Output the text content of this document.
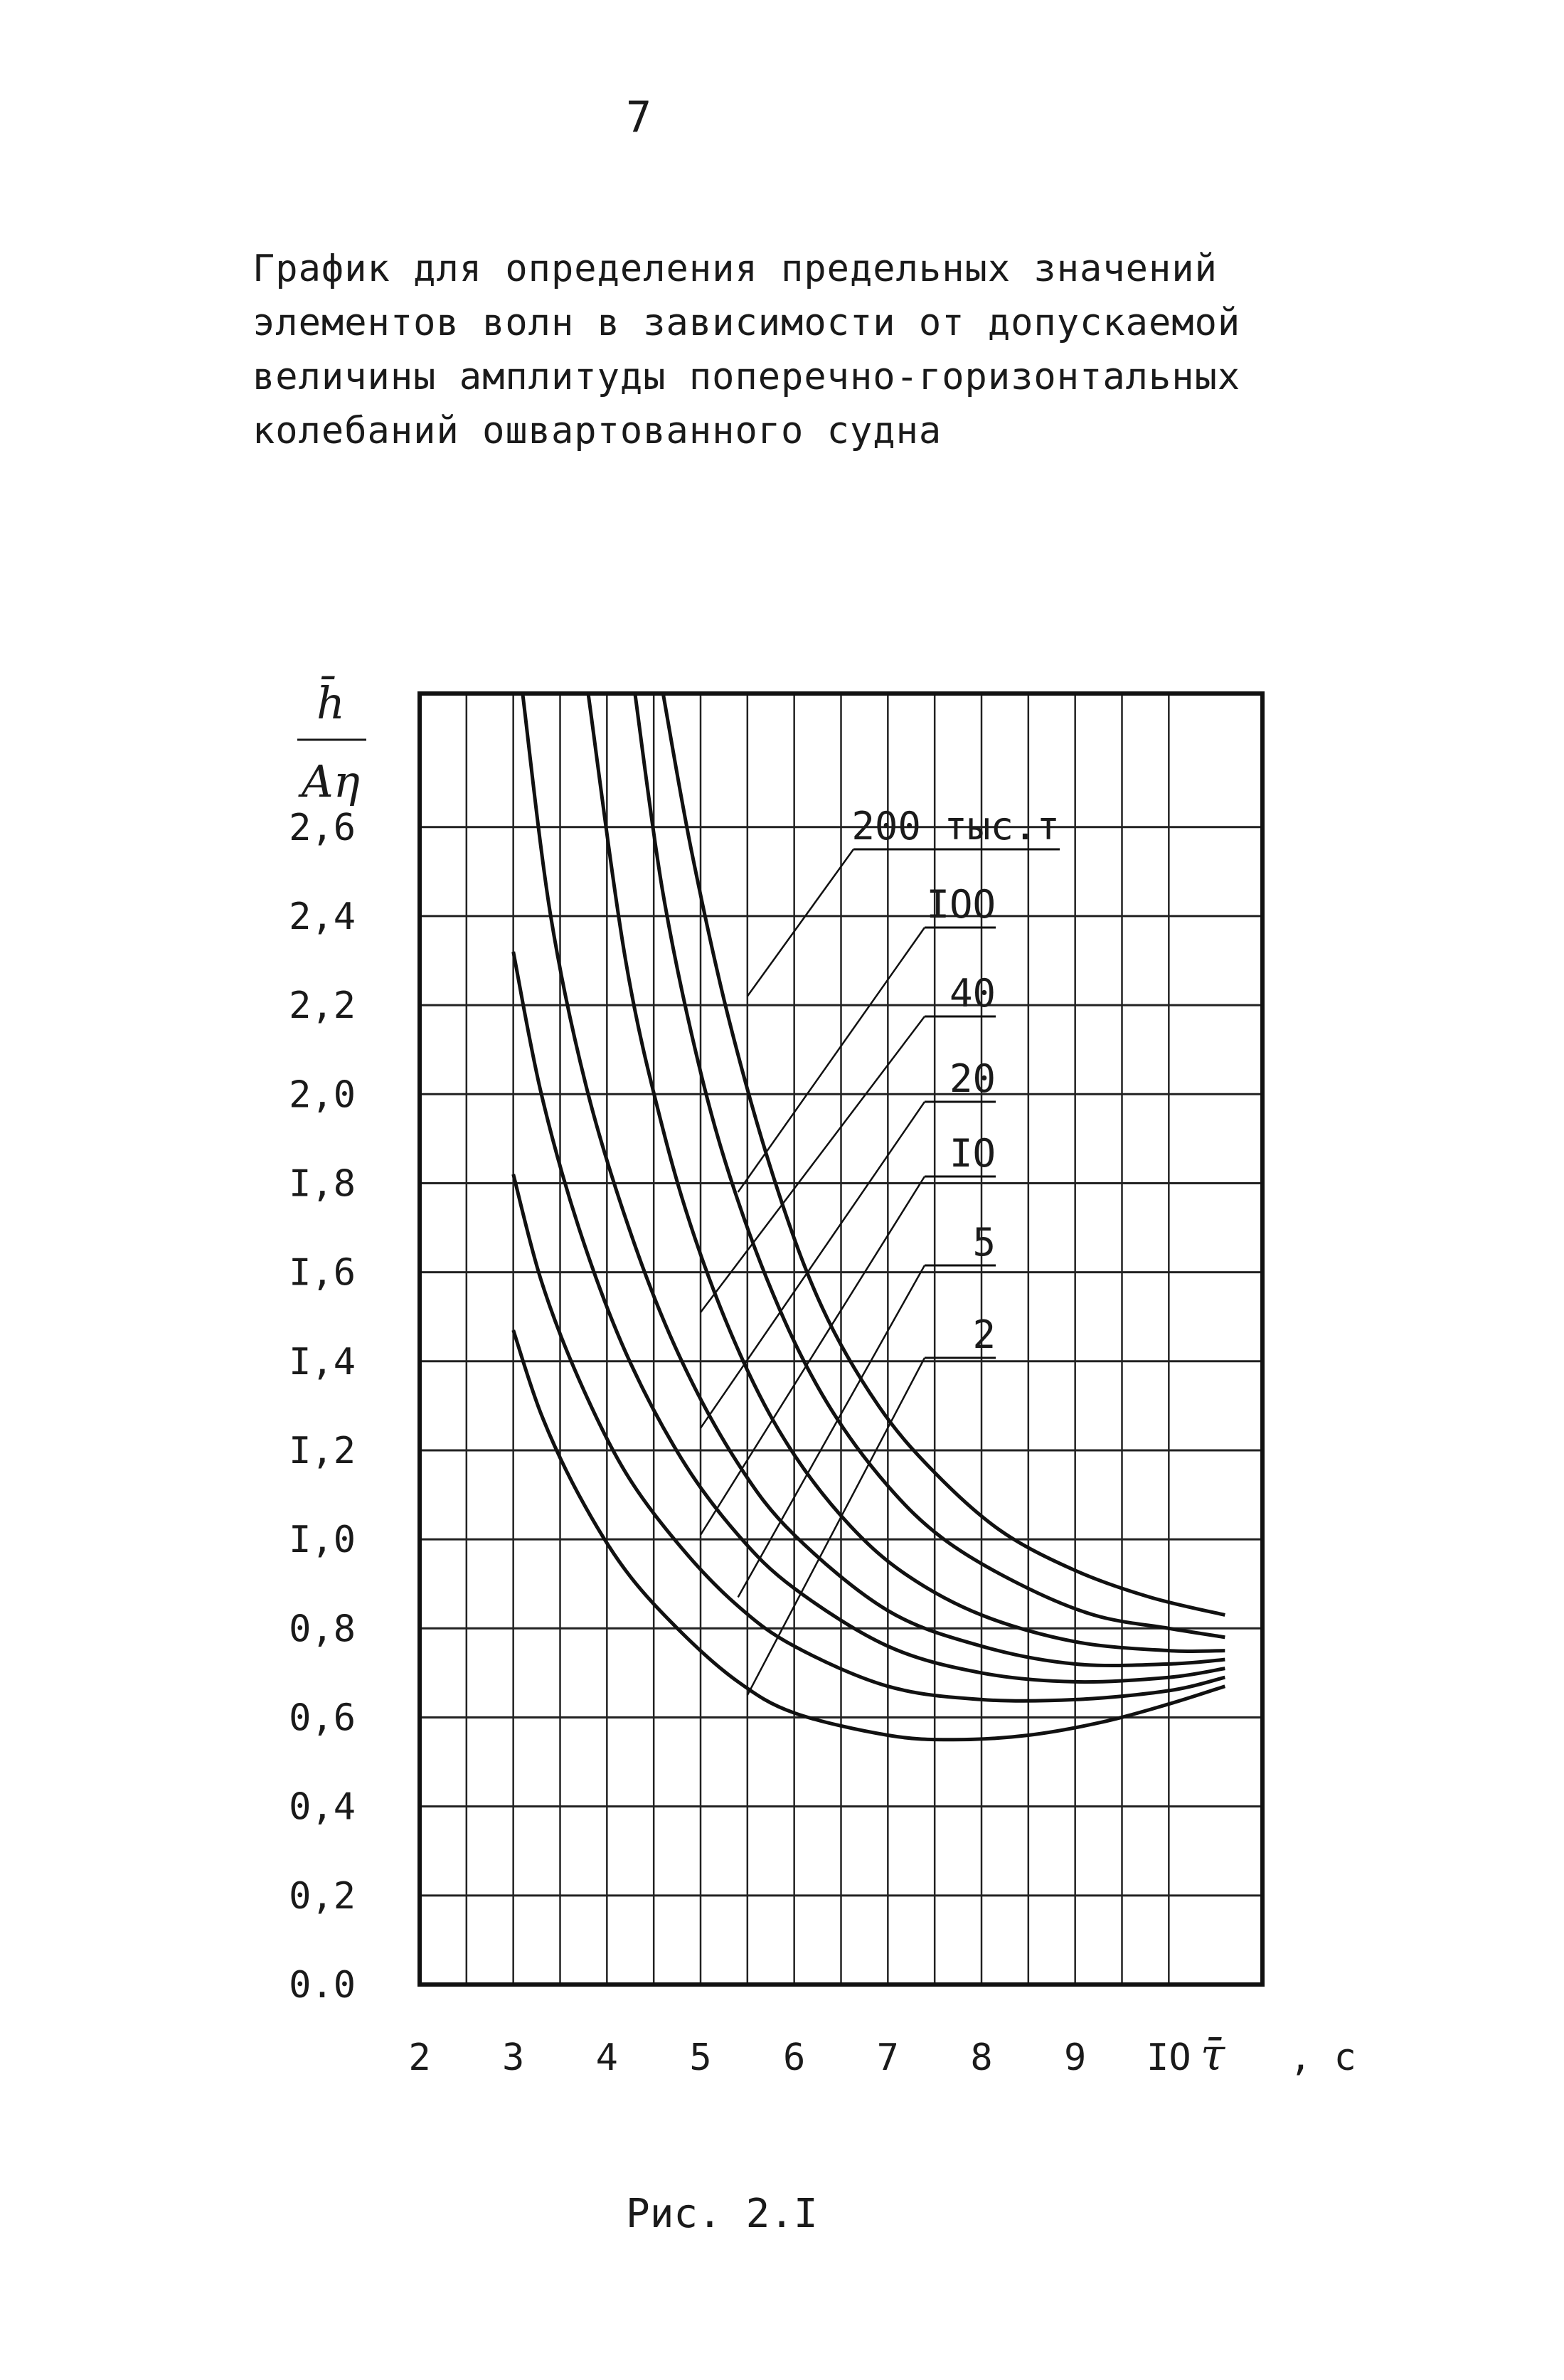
7
График для определения предельных значений
элементов волн в зависимости от допускаемой
величины амплитуды поперечно-горизонтальных
колебаний ошвартованного судна
2 3 4 5 6 7 8 9 IO
0.0
0,2
0,4
0,6
0,8
I,0
I,2
I,4
I,6
I,8
2,0
2,2
2,4
2,6
h̄
Aη
τ̄ , с
200 тыс.т
IOO
40
20
IO
5
2
Рис. 2.I
